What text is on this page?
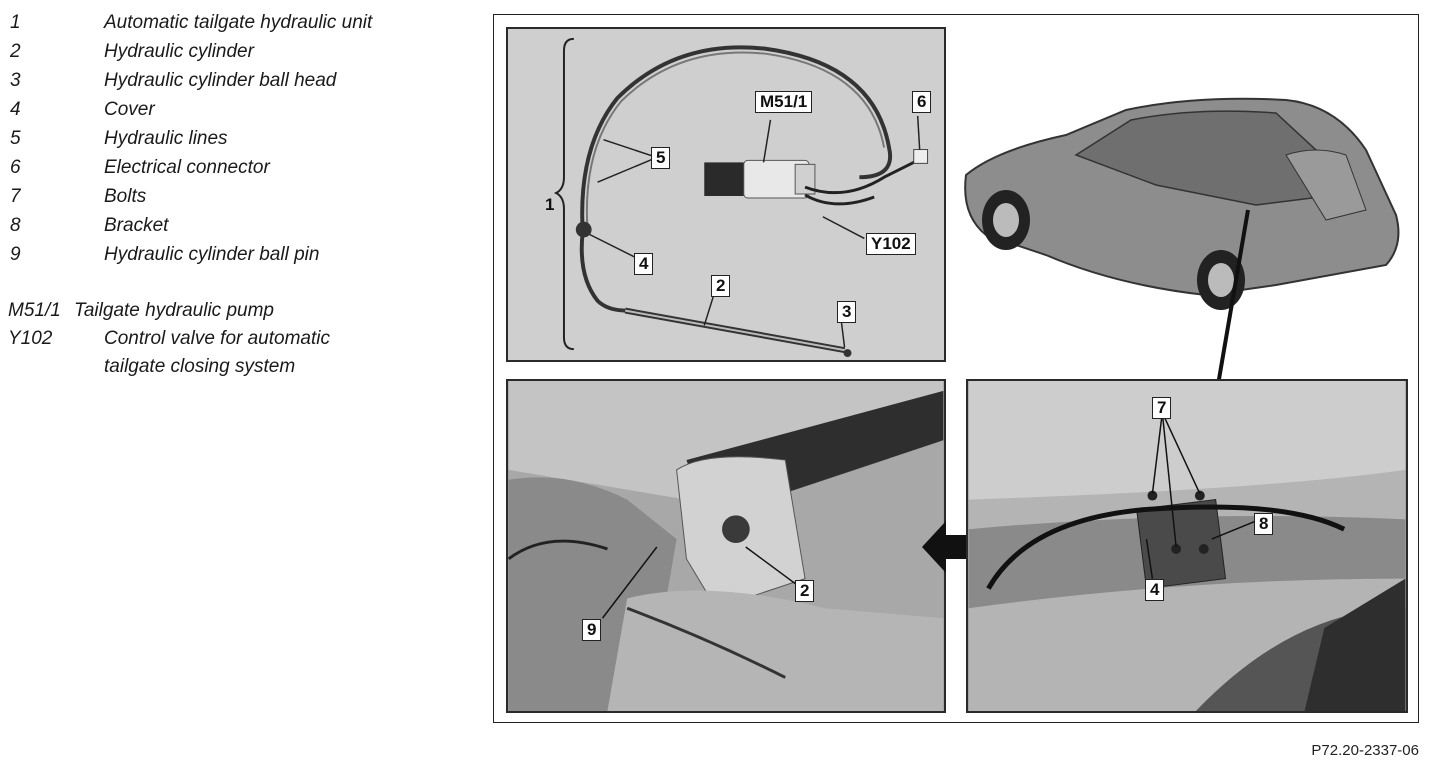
1	Automatic tailgate hydraulic unit
2	Hydraulic cylinder
3	Hydraulic cylinder ball head
4	Cover
5	Hydraulic lines
6	Electrical connector
7	Bolts
8	Bracket
9	Hydraulic cylinder ball pin
M51/1 Tailgate hydraulic pump
Y102	Control valve for automatic
tailgate closing system
1
5
4
2
3
6
M51/1
Y102
2
9
7
8
4
P72.20-2337-06
